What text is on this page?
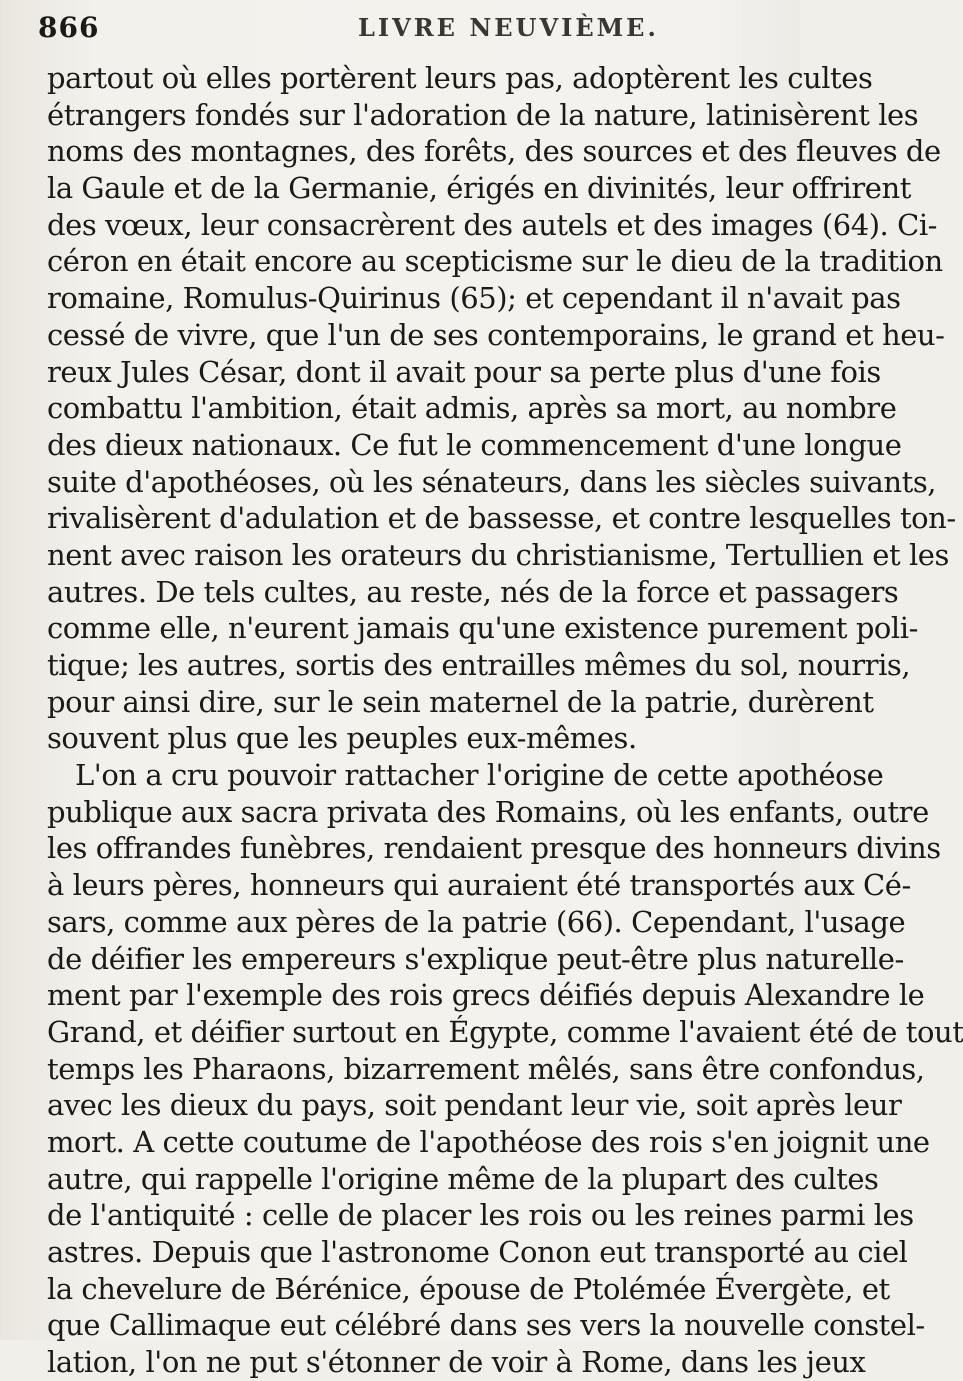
866	LIVRE NEUVIÈME.
partout où elles portèrent leurs pas, adoptèrent les cultes
étrangers fondés sur l'adoration de la nature, latinisèrent les
noms des montagnes, des forêts, des sources et des fleuves de
la Gaule et de la Germanie, érigés en divinités, leur offrirent
des vœux, leur consacrèrent des autels et des images (64). Ci-
céron en était encore au scepticisme sur le dieu de la tradition
romaine, Romulus-Quirinus (65); et cependant il n'avait pas
cessé de vivre, que l'un de ses contemporains, le grand et heu-
reux Jules César, dont il avait pour sa perte plus d'une fois
combattu l'ambition, était admis, après sa mort, au nombre
des dieux nationaux. Ce fut le commencement d'une longue
suite d'apothéoses, où les sénateurs, dans les siècles suivants,
rivalisèrent d'adulation et de bassesse, et contre lesquelles ton-
nent avec raison les orateurs du christianisme, Tertullien et les
autres. De tels cultes, au reste, nés de la force et passagers
comme elle, n'eurent jamais qu'une existence purement poli-
tique; les autres, sortis des entrailles mêmes du sol, nourris,
pour ainsi dire, sur le sein maternel de la patrie, durèrent
souvent plus que les peuples eux-mêmes.
L'on a cru pouvoir rattacher l'origine de cette apothéose
publique aux sacra privata des Romains, où les enfants, outre
les offrandes funèbres, rendaient presque des honneurs divins
à leurs pères, honneurs qui auraient été transportés aux Cé-
sars, comme aux pères de la patrie (66). Cependant, l'usage
de déifier les empereurs s'explique peut-être plus naturelle-
ment par l'exemple des rois grecs déifiés depuis Alexandre le
Grand, et déifier surtout en Égypte, comme l'avaient été de tout
temps les Pharaons, bizarrement mêlés, sans être confondus,
avec les dieux du pays, soit pendant leur vie, soit après leur
mort. A cette coutume de l'apothéose des rois s'en joignit une
autre, qui rappelle l'origine même de la plupart des cultes
de l'antiquité : celle de placer les rois ou les reines parmi les
astres. Depuis que l'astronome Conon eut transporté au ciel
la chevelure de Bérénice, épouse de Ptolémée Évergète, et
que Callimaque eut célébré dans ses vers la nouvelle constel-
lation, l'on ne put s'étonner de voir à Rome, dans les jeux
